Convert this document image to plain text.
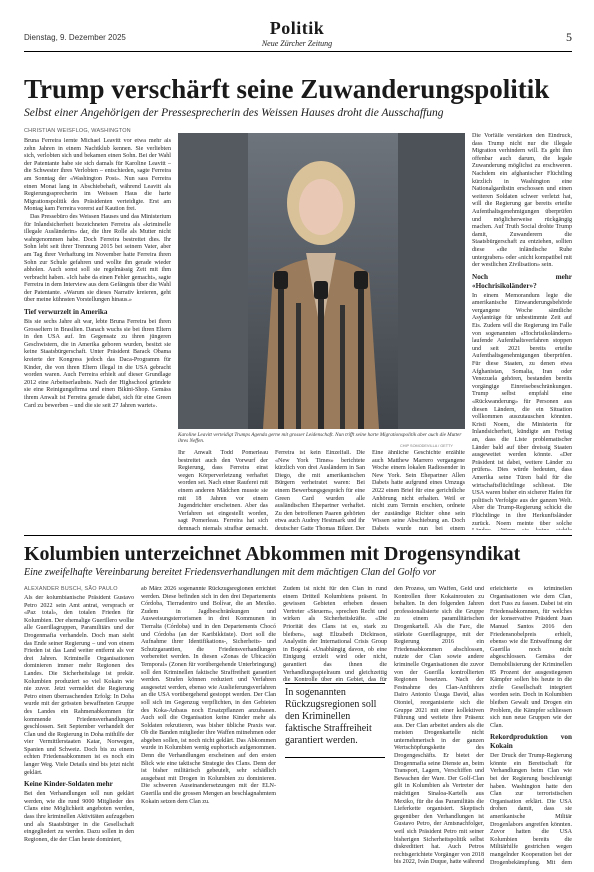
Dienstag, 9. Dezember 2025	Politik
Neue Zürcher Zeitung	5
Trump verschärft seine Zuwanderungspolitik
Selbst einer Angehörigen der Pressesprecherin des Weissen Hauses droht die Ausschaffung
CHRISTIAN WEISFLOG, WASHINGTON

Bruna Ferreira lernte Michael Leavitt vor etwa mehr als zehn Jahren in einem Nachtklub kennen. Sie verliebten sich, verlobten sich und bekamen einen Sohn. Bei der Wahl der Patentante habe sie sich damals für Karoline Leavitt – die Schwester ihres Verlobten – entschieden, sagte Ferreira am Sonntag der «Washington Post». Nun sass Ferreira einen Monat lang in Abschiebehaft, während Leavitt als Regierungssprecherin im Weissen Haus die harte Migrationspolitik des Präsidenten verteidigte. Erst am Montag kam Ferreira vorerst auf Kaution frei.

Das Pressebüro des Weissen Hauses und das Ministerium für Inlandsicherheit bezeichneten Ferreira als «kriminelle illegale Ausländerin» dar, die ihre Rolle als Mutter nicht wahrgenommen habe. Doch Ferreira bestreitet dies. Ihr Sohn lebt seit ihrer Trennung 2015 bei seinem Vater, aber am Tag ihrer Verhaftung im November hatte Ferreira ihren Sohn zur Schule gefahren und wollte ihn gerade wieder abholen. Auch sonst soll sie regelmässig Zeit mit ihm verbracht haben. «Ich habe da einen Fehler gemacht», sagte Ferreira in dem Interview aus dem Gefängnis über die Wahl der Patentante. «Warum sie dieses Narrativ kreieren, geht über meine kühnsten Vorstellungen hinaus.»

Tief verwurzelt in Amerika

Bis sie sechs Jahre alt war, lebte Bruna Ferreira bei ihren Grosseltern in Brasilien. Danach wuchs sie bei ihren Eltern in den USA auf. Im Gegensatz zu ihren jüngeren Geschwistern, die in Amerika geboren wurden, besitzt sie keine Staatsbürgerschaft. Unter Präsident Barack Obama kreierte der Kongress jedoch das Daca-Programm für Kinder, die von ihren Eltern illegal in die USA gebracht worden waren. Auch Ferreira erhielt auf dieser Grundlage 2012 eine Arbeitserlaubnis. Nach der Highschool gründete sie eine Reinigungsfirma und einen Bikini-Shop. Gemäss ihrem Anwalt ist Ferreira gerade dabei, sich für eine Green Card zu bewerben – und die sie seit 27 Jahren wartet».

Karoline Leavitt verteidigt Trumps Agenda gerne mit grosser Leidenschaft. Nun trifft seine harte Migrationspolitik aber auch die Mutter ihres Neffen.
CHIP SOMODEVILLA / GETTY

Ihr Anwalt Todd Pomerleau bestreitet auch den Vorwurf der Regierung, dass Ferreira einst wegen Körperverletzung verhaftet worden sei. Nach einer Rauferei mit einem anderen Mädchen musste sie mit 18 Jahren vor einem Jugendrichter erscheinen. Aber das Verfahren sei eingestellt worden, sagt Pomerleau. Ferreira hat sich demnach niemals strafbar gemacht.

Ferreira ist kein Einzelfall. Die «New York Times» berichtete kürzlich von drei Ausländern in San Diego, die mit amerikanischen Bürgern verheiratet waren: Bei einem Bewerbungsgespräch für eine Green Card wurden alle ausländischen Ehepartner verhaftet. Zu den betroffenen Paaren gehörten etwa auch Audrey Hestmark und ihr deutscher Gatte Thomas Bilger. Der

Eine ähnliche Geschichte erzählte auch Matthew Marrero vergangene Woche einem lokalen Radiosender in New York. Sein Ehepartner Allen Dabeis hatte aufgrund eines Umzugs 2022 einen Brief für eine gerichtliche Anhörung nicht erhalten. Weil er nicht zum Termin erschien, ordnete der zuständige Richter ohne sein Wissen seine Abschiebung an. Doch Dabeis wurde nun bei einem

Die Vorfälle verstärken den Eindruck, dass Trump nicht nur die illegale Migration verhindern will. Es geht ihm offenbar auch darum, die legale Zuwanderung möglichst zu erschweren. Nachdem ein afghanischer Flüchtling kürzlich in Washington eine Nationalgardistin erschossen und einen weiteren Soldaten schwer verletzt hat, will die Regierung gar bereits erteilte Aufenthaltsgenehmigungen überprüfen und möglicherweise rückgängig machen. Auf Truth Social drohte Trump damit, Zuwanderern die Staatsbürgerschaft zu entziehen, sollten diese «die inländische Ruhe untergraben» oder «nicht kompatibel mit der westlichen Zivilisation» sein.

Noch mehr «Hochrisikoländer»?

In einem Memorandum legte die amerikanische Einwanderungsbehörde vergangene Woche sämtliche Asylanträge für unbestimmte Zeit auf Eis. Zudem will die Regierung im Falle von sogenannten «Hochrisikoländern» laufende Aufenthaltsverfahren stoppen und seit 2021 bereits erteilte Aufenthaltsgenehmigungen überprüfen. Für diese Staaten, zu denen etwa Afghanistan, Somalia, Iran oder Venezuela gehören, bestanden bereits vorgängige Einreisebeschränkungen. Trump selbst empfahl eine «Rückwanderung» für Personen aus diesen Ländern, die ein Situation vollkommen auszutauschen könnten. Kristi Noem, die Ministerin für Inlandsicherheit, kündigte am Freitag an, dass die Liste problematischer Länder bald auf über dreissig Staaten ausgeweitet werden könnte. «Der Präsident ist dabei, weitere Länder zu prüfen». Dies würde bedeuten, dass Amerika seine Türen bald für die wirtschaftsflüchtlinge schliesst. Die USA waren bisher ein sicherer Hafen für politisch Verfolgte aus der ganzen Welt. Aber die Trump-Regierung schickt die Flüchtlinge in ihre Herkunftsländer zurück. Noem meinte über solche

Kolumbien unterzeichnet Abkommen mit Drogensyndikat
Eine zweifelhafte Vereinbarung bereitet Friedensverhandlungen mit dem mächtigen Clan del Golfo vor
ALEXANDER BUSCH, SÃO PAULO

Als der kolumbianische Präsident Gustavo Petro 2022 sein Amt antrat, versprach er «Paz total», den totalen Frieden für Kolumbien. Der ehemalige Guerillero wollte alle Guerillagruppen, Paramilitärs und der Drogenmafia verhandeln. Doch man sieht das Ende seiner Regierung – und von einem Frieden ist das Land weiter entfernt als vor drei Jahren. Kriminelle Organisationen dominieren immer mehr Regionen des Landes. Die Sicherheitslage ist prekär. Kolumbien produziert so viel Kokain wie nie zuvor. Jetzt vermeldet die Regierung Petro einen überraschenden Erfolg: In Doha wurde mit der grössten bewaffneten Gruppe des Landes ein Rahmenabkommen für kommende Friedensverhandlungen geschlossen. Seit September verhandelt der Clan und die Regierung in Doha mithilfe der vier Vermittlerstaaten Katar, Norwegen, Spanien und Schweiz. Doch bis zu einem echten Friedensabkommen ist es noch ein langer Weg. Viele Details sind bis jetzt nicht geklärt.

Keine Kinder-Soldaten mehr

Bei den Verhandlungen soll nun geklärt werden, wie die rund 9000 Mitglieder des Clans eine Möglichkeit angeboten werden, dass ihre kriminellen Aktivitäten aufzugeben und als Staatsbürger in die Gesellschaft eingegliedert zu werden. Dazu sollen in den Regionen, die der Clan heute dominiert,

ab März 2026 sogenannte Rückzugsregionen errichtet werden. Diese befinden sich in den drei Departements Córdoba, Tierradentro und Bolívar, die an Mexiko. Zudem in Jagdbeschränkungen und Ausweisungsterrorismen in drei Kommunen in Tierralta (Córdoba) und in den Departements Chocó und Córdoba (an der Karibikküste). Dort soll die Aufnahme ihrer Identifikations-, Sicherheits- und Schutzgarantien, die Friedensverhandlungen vorbereitet werden. In diesen «Zonas de Ubicación Temporal» (Zonen für vorübergehende Unterbringung) soll den Kriminellen faktische Straffreiheit garantiert werden. Strafen können reduziert und Verfahren ausgesetzt werden, ebenso wie Auslieferungsverfahren an die USA vorübergehend gestoppt werden. Der Clan soll sich im Gegenzug verpflichten, in den Gebieten des Koka-Anbaus noch Ersatzpflanzen anzubauen. Auch soll die Organisation keine Kinder mehr als Soldaten rekrutieren, was bisher übliche Praxis war. Ob die Banden mitglieder ihre Waffen mitnehmen oder abgeben sollen, ist noch nicht geklärt. Das Abkommen wurde in Kolumbien wenig euphorisch aufgenommen. Denn die Verhandlungen erscheinen auf den ersten Blick wie eine taktische Strategie des Clans. Denn der ist bisher militärisch gebeutelt, sehr schädlich ausgebaut mit Drogen in Kolumbien zu dominieren. Die schweren Auseinandersetzungen mit der ELN-Guerilla und die grossen Mengen an beschlagnahmtem Kokain setzen dem Clan zu.

Zudem ist nicht für den Clan in rund einem Dritteil Kolumbiens präsent. In gewissen Gebieten erheben dessen Vertreter «Steuern», sprechen Recht und wirken als Sicherheitskräfte. «Die Priorität des Clans ist es, stark zu bleiben», sagt Elizabeth Dickinson, Analystin der International Crisis Group in Bogotá. «Unabhängig davon, ob eine Einigung erzielt wird oder nicht, garantiert das ihnen die Verhandlungsspielraum und gleichzeitig die Kontrolle über ein Gebiet, das für

In sogenannten Rückzugsregionen soll den Kriminellen faktische Straffreiheit garantiert werden.

den Prozess, um Waffen, Geld und Kontrollen ihrer Kokainrouten zu behalten. In den folgenden Jahren professionalisierte sich die Gruppe zu einem paramilitärischen Drogenkartell. Als die Farc, die stärkste Guerillagruppe, mit der Regierung 2016 ein Friedensabkommen abschlossen, nutzte der Clan sowie andere kriminelle Organisationen die zuvor von der Guerilla kontrollierten Regionen besetzen. Nach der Festnahme des Clan-Anführers Dairo Antonio Úsuga David, alias Otoniel, reorganisierte sich die Gruppe 2021 mit einer kollektiven Führung und weitete ihre Präsenz aus. Der Clan arbeitet anders als die meisten Drogenkartelle nicht unternehmerisch in der ganzen Wertschöpfungskette des Drogengeschäfts. Er bietet der Drogenmafia seine Dienste an, beim Transport, Lagern, Verschiffen und Bewachen der Ware. Der Golf-Clan gilt in Kolumbien als Vertreter der mächtigen Sinaloa-Kartells aus Mexiko, für die das Paramilitäts die Lieferkette organisiert. Skeptisch gegenüber den Verhandlungen ist Gustavo Petro, der Amtsnachfolger, weil sich Präsident Petro mit seiner bisherigen Sicherheitspolitik selbst diskreditiert hat. Auch Petros rechtsgerichtete Vorgänger von 2018 bis 2022, Iván Duque, hatte während

erleichterte es kriminellen Organisationen wie dem Clan, dort Fuss zu fassen. Dabei ist ein Friedensabkommen, für welches der konservative Präsident Juan Manuel Santos 2016 den Friedensnobelpreis erhielt, ebenso wie die Entwaffnung der Guerilla noch nicht abgeschlossen. Gemäss der Demobilisierung der Kriminellen 85 Prozent der ausgestiegenen Kämpfer sollen bis heute in die zivile Gesellschaft integriert worden sein. Doch in Kolumbien bleiben Gewalt und Drogen ein Problem, die Kämpfer schliessen sich nun neue Gruppen wie der Clan.

Rekordproduktion von Kokain

Der Druck der Trump-Regierung könnte ein Bereitschaft für Verhandlungen beim Clan wie bei der Regierung beschleunigt haben. Washington hatte den Clan zur terroristischen Organisation erklärt. Die USA drohen damit, dass sie amerikanische Militär Drogenlabors angreifen könnten. Zuvor hatten die USA Kolumbien bereits die Militärhilfe gestrichen wegen mangelnder Kooperation bei der Drogenbekämpfung. Mit dem
